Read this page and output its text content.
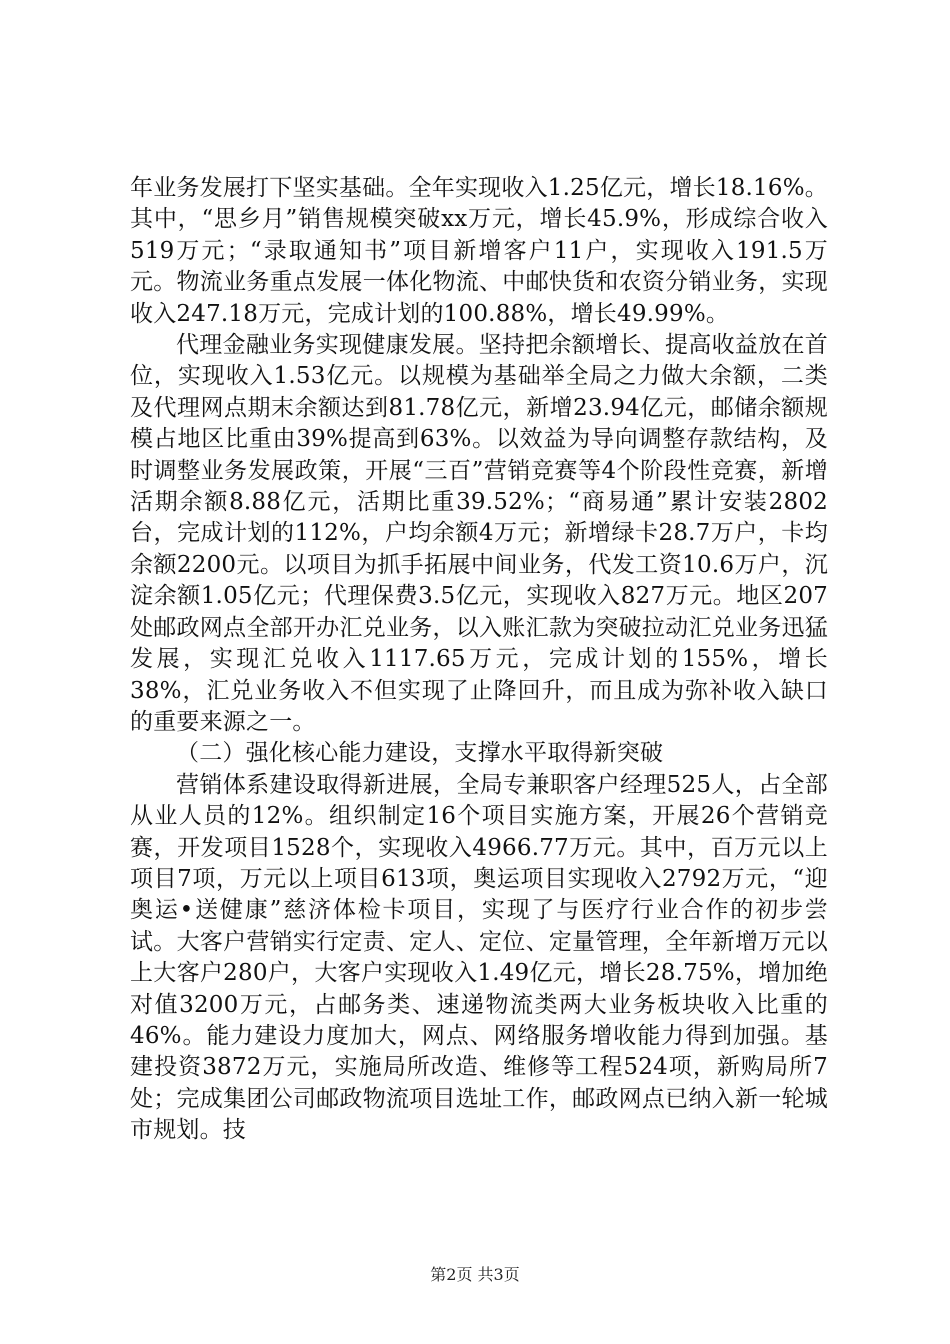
年业务发展打下坚实基础。全年实现收入1.25亿元，增长18.16%。其中，“思乡月”销售规模突破xx万元，增长45.9%，形成综合收入519万元；“录取通知书”项目新增客户11户，实现收入191.5万元。物流业务重点发展一体化物流、中邮快货和农资分销业务，实现收入247.18万元，完成计划的100.88%，增长49.99%。

代理金融业务实现健康发展。坚持把余额增长、提高收益放在首位，实现收入1.53亿元。以规模为基础举全局之力做大余额，二类及代理网点期末余额达到81.78亿元，新增23.94亿元，邮储余额规模占地区比重由39%提高到63%。以效益为导向调整存款结构，及时调整业务发展政策，开展“三百”营销竞赛等4个阶段性竞赛，新增活期余额8.88亿元，活期比重39.52%；“商易通”累计安装2802台，完成计划的112%，户均余额4万元；新增绿卡28.7万户，卡均余额2200元。以项目为抓手拓展中间业务，代发工资10.6万户，沉淀余额1.05亿元；代理保费3.5亿元，实现收入827万元。地区207处邮政网点全部开办汇兑业务，以入账汇款为突破拉动汇兑业务迅猛发展，实现汇兑收入1117.65万元，完成计划的155%，增长38%，汇兑业务收入不但实现了止降回升，而且成为弥补收入缺口的重要来源之一。

（二）强化核心能力建设，支撑水平取得新突破

营销体系建设取得新进展，全局专兼职客户经理525人，占全部从业人员的12%。组织制定16个项目实施方案，开展26个营销竞赛，开发项目1528个，实现收入4966.77万元。其中，百万元以上项目7项，万元以上项目613项，奥运项目实现收入2792万元，“迎奥运•送健康”慈济体检卡项目，实现了与医疗行业合作的初步尝试。大客户营销实行定责、定人、定位、定量管理，全年新增万元以上大客户280户，大客户实现收入1.49亿元，增长28.75%，增加绝对值3200万元，占邮务类、速递物流类两大业务板块收入比重的46%。能力建设力度加大，网点、网络服务增收能力得到加强。基建投资3872万元，实施局所改造、维修等工程524项，新购局所7处；完成集团公司邮政物流项目选址工作，邮政网点已纳入新一轮城市规划。技

第2页 共3页
